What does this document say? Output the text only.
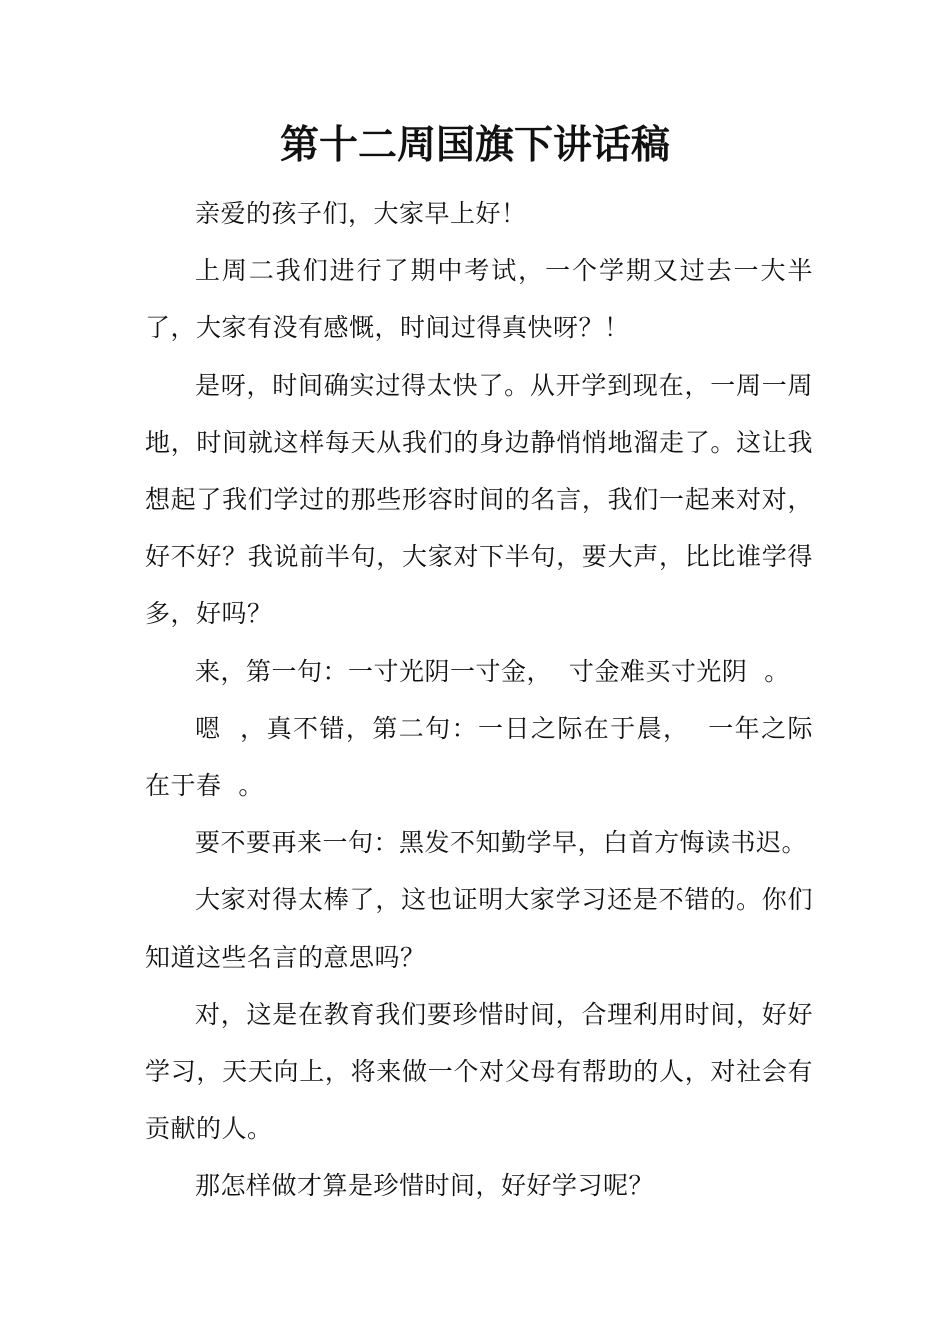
第十二周国旗下讲话稿

亲爱的孩子们，大家早上好！

上周二我们进行了期中考试，一个学期又过去一大半了，大家有没有感慨，时间过得真快呀？！

是呀，时间确实过得太快了。从开学到现在，一周一周地，时间就这样每天从我们的身边静悄悄地溜走了。这让我想起了我们学过的那些形容时间的名言，我们一起来对对，好不好？我说前半句，大家对下半句，要大声，比比谁学得多，好吗？

来，第一句：一寸光阴一寸金，  寸金难买寸光阴  。

嗯  ，真不错，第二句：一日之际在于晨，  一年之际在于春  。

要不要再来一句：黑发不知勤学早，白首方悔读书迟。

大家对得太棒了，这也证明大家学习还是不错的。你们知道这些名言的意思吗？

对，这是在教育我们要珍惜时间，合理利用时间，好好学习，天天向上，将来做一个对父母有帮助的人，对社会有贡献的人。

那怎样做才算是珍惜时间，好好学习呢？
